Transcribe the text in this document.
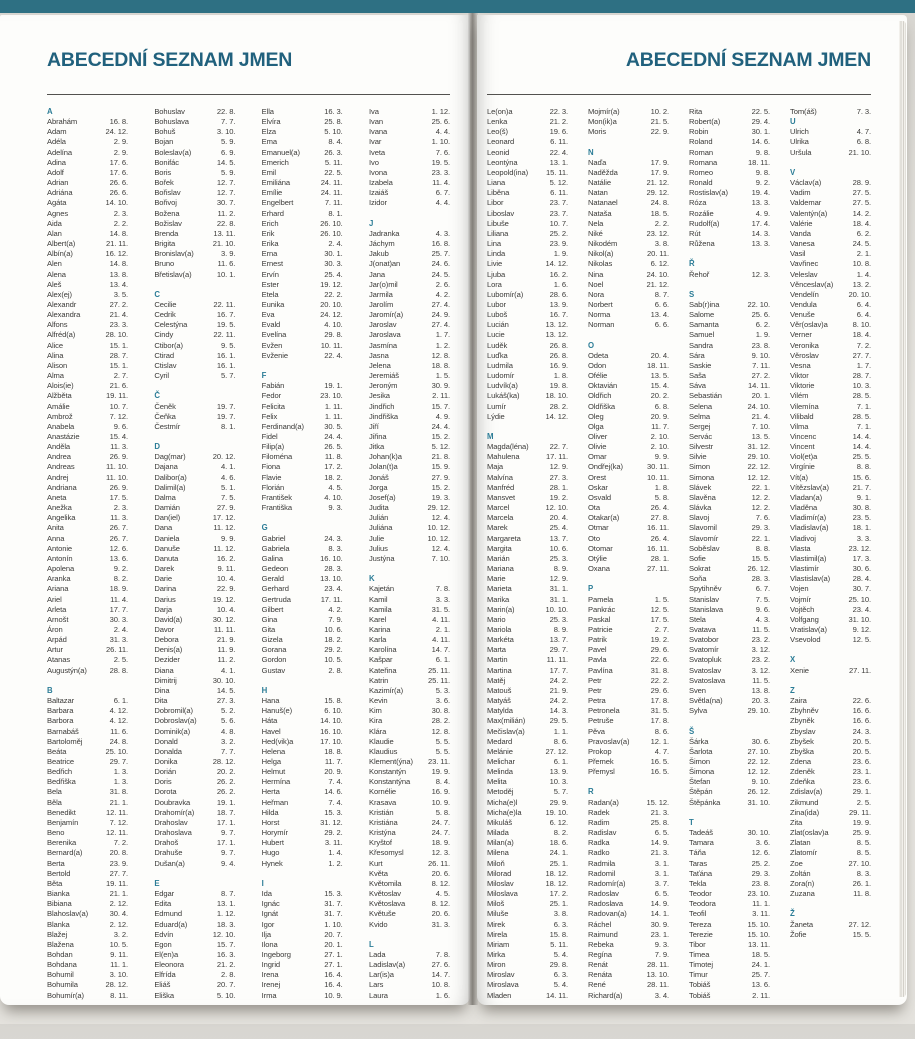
ABECEDNÍ SEZNAM JMEN
A
Abrahám	16. 8.
Adam	24. 12.
Adéla	2. 9.
Adelína	2. 9.
Adina	17. 6.
Adolf	17. 6.
Adrian	26. 6.
Adriána	26. 6.
Agáta	14. 10.
Agnes	2. 3.
Aida	2. 2.
Alan	14. 8.
Albert(a)	21. 11.
Albín(a)	16. 12.
Alen	14. 8.
Alena	13. 8.
Aleš	13. 4.
Alex(ej)	3. 5.
Alexandr	27. 2.
Alexandra	21. 4.
Alfons	23. 3.
Alfréd(a)	28. 10.
Alice	15. 1.
Alina	28. 7.
Alison	15. 1.
Alma	2. 7.
Alois(ie)	21. 6.
Alžběta	19. 11.
Amálie	10. 7.
Ambrož	7. 12.
Anabela	9. 6.
Anastázie	15. 4.
Anděla	11. 3.
Andrea	26. 9.
Andreas	11. 10.
Andrej	11. 10.
Andriana	26. 9.
Aneta	17. 5.
Anežka	2. 3.
Angelika	11. 3.
Anita	26. 7.
Anna	26. 7.
Antonie	12. 6.
Antonín	13. 6.
Apolena	9. 2.
Aranka	8. 2.
Ariana	18. 9.
Ariel	11. 4.
Arleta	17. 7.
Arnošt	30. 3.
Áron	2. 4.
Arpád	31. 3.
Artur	26. 11.
Atanas	2. 5.
Augustýn(a)	28. 8.
B
Baltazar	6. 1.
Barbara	4. 12.
Barbora	4. 12.
Barnabáš	11. 6.
Bartoloměj	24. 8.
Beáta	25. 10.
Beatrice	29. 7.
Bedřich	1. 3.
Bedřiška	1. 3.
Bela	31. 8.
Běla	21. 1.
Benedikt	12. 11.
Benjamín	7. 12.
Beno	12. 11.
Berenika	7. 2.
Bernard(a)	20. 8.
Berta	23. 9.
Bertold	27. 7.
Běta	19. 11.
Bianka	21. 1.
Bibiana	2. 12.
Blahoslav(a)	30. 4.
Blanka	2. 12.
Blažej	3. 2.
Blažena	10. 5.
Bohdan	9. 11.
Bohdana	11. 1.
Bohumil	3. 10.
Bohumila	28. 12.
Bohumír(a)	8. 11.
Bohuslav	22. 8.
Bohuslava	7. 7.
Bohuš	3. 10.
Bojan	5. 9.
Boleslav(a)	6. 9.
Bonifác	14. 5.
Boris	5. 9.
Bořek	12. 7.
Bořislav	12. 7.
Bořivoj	30. 7.
Božena	11. 2.
Božislav	22. 8.
Brenda	13. 11.
Brigita	21. 10.
Bronislav(a)	3. 9.
Bruno	11. 6.
Břetislav(a)	10. 1.
C
Cecilie	22. 11.
Cedrik	16. 7.
Celestýna	19. 5.
Cindy	22. 11.
Ctibor(a)	9. 5.
Ctirad	16. 1.
Ctislav	16. 1.
Cyril	5. 7.
Č
Čeněk	19. 7.
Čeňka	19. 7.
Čestmír	8. 1.
D
Dag(mar)	20. 12.
Dajana	4. 1.
Dalibor(a)	4. 6.
Dalimil(a)	5. 1.
Dalma	7. 5.
Damián	27. 9.
Dan(iel)	17. 12.
Dana	11. 12.
Daniela	9. 9.
Danuše	11. 12.
Danuta	16. 2.
Darek	9. 11.
Darie	10. 4.
Darina	22. 9.
Darius	19. 12.
Darja	10. 4.
David(a)	30. 12.
Davor	11. 11.
Debora	21. 9.
Denis(a)	11. 9.
Dezider	11. 2.
Diana	4. 1.
Dimitrij	30. 10.
Dina	14. 5.
Dita	27. 3.
Dobromil(a)	5. 2.
Dobroslav(a)	5. 6.
Dominik(a)	4. 8.
Donald	3. 2.
Donalda	7. 7.
Donika	28. 12.
Dorián	20. 2.
Doris	26. 2.
Dorota	26. 2.
Doubravka	19. 1.
Drahomír(a)	18. 7.
Drahoslav	17. 1.
Drahoslava	9. 7.
Drahoš	17. 1.
Drahuše	9. 7.
Dušan(a)	9. 4.
E
Edgar	8. 7.
Edita	13. 1.
Edmund	1. 12.
Eduard(a)	18. 3.
Edvín	12. 10.
Egon	15. 7.
El(en)a	16. 3.
Eleonora	21. 2.
Elfrída	2. 8.
Eliáš	20. 7.
Eliška	5. 10.
Ella	16. 3.
Elvíra	25. 8.
Elza	5. 10.
Ema	8. 4.
Emanuel(a)	26. 3.
Emerich	5. 11.
Emil	22. 5.
Emiliána	24. 11.
Emílie	24. 11.
Engelbert	7. 11.
Erhard	8. 1.
Erich	26. 10.
Erik	26. 10.
Erika	2. 4.
Erna	30. 1.
Ernest	30. 3.
Ervín	25. 4.
Ester	19. 12.
Etela	22. 2.
Eunika	20. 10.
Eva	24. 12.
Evald	4. 10.
Evelína	29. 8.
Evžen	10. 11.
Evženie	22. 4.
F
Fabián	19. 1.
Fedor	23. 10.
Felicita	1. 11.
Felix	1. 11.
Ferdinand(a)	30. 5.
Fidel	24. 4.
Filip(a)	26. 5.
Filoména	11. 8.
Fiona	17. 2.
Flavie	18. 2.
Florián	4. 5.
František	4. 10.
Františka	9. 3.
G
Gabriel	24. 3.
Gabriela	8. 3.
Galina	16. 10.
Gedeon	28. 3.
Gerald	13. 10.
Gerhard	23. 4.
Gertruda	17. 11.
Gilbert	4. 2.
Gina	7. 9.
Gita	10. 6.
Gizela	18. 2.
Gorana	29. 2.
Gordon	10. 5.
Gustav	2. 8.
H
Hana	15. 8.
Hanuš(e)	6. 10.
Háta	14. 10.
Havel	16. 10.
Hed(vik)a	17. 10.
Helena	18. 8.
Helga	11. 7.
Helmut	20. 9.
Hermína	7. 4.
Herta	14. 6.
Heřman	7. 4.
Hilda	15. 3.
Horst	31. 12.
Horymír	29. 2.
Hubert	3. 11.
Hugo	1. 4.
Hynek	1. 2.
I
Ida	15. 3.
Ignác	31. 7.
Ignát	31. 7.
Igor	1. 10.
Ilja	20. 7.
Ilona	20. 1.
Ingeborg	27. 1.
Ingrid	27. 1.
Irena	16. 4.
Irenej	16. 4.
Irma	10. 9.
Iva	1. 12.
Ivan	25. 6.
Ivana	4. 4.
Ivar	1. 10.
Iveta	7. 6.
Ivo	19. 5.
Ivona	23. 3.
Izabela	11. 4.
Izaiáš	6. 7.
Izidor	4. 4.
J
Jadranka	4. 3.
Jáchym	16. 8.
Jakub	25. 7.
J(onat)an	24. 6.
Jana	24. 5.
Jar(o)mil	2. 6.
Jarmila	4. 2.
Jarolím	27. 4.
Jaromír(a)	24. 9.
Jaroslav	27. 4.
Jaroslava	1. 7.
Jasmína	1. 2.
Jasna	12. 8.
Jelena	18. 8.
Jeremiáš	1. 5.
Jeroným	30. 9.
Jesika	2. 11.
Jindřich	15. 7.
Jindřiška	4. 9.
Jiří	24. 4.
Jiřina	15. 2.
Jitka	5. 12.
Johan(k)a	21. 8.
Jolan(t)a	15. 9.
Jonáš	27. 9.
Jorga	15. 2.
Josef(a)	19. 3.
Judita	29. 12.
Julián	12. 4.
Juliána	10. 12.
Julie	10. 12.
Julius	12. 4.
Justýna	7. 10.
K
Kajetán	7. 8.
Kamil	3. 3.
Kamila	31. 5.
Karel	4. 11.
Karina	2. 1.
Karla	4. 11.
Karolína	14. 7.
Kašpar	6. 1.
Kateřina	25. 11.
Katrin	25. 11.
Kazimír(a)	5. 3.
Kevin	3. 6.
Kim	30. 8.
Kira	28. 2.
Klára	12. 8.
Klaudie	5. 5.
Klaudius	5. 5.
Klement(ýna) 23. 11.
Konstantýn	19. 9.
Konstantýna	8. 4.
Kornélie	16. 9.
Krasava	10. 9.
Kristián	5. 8.
Kristiána	24. 7.
Kristýna	24. 7.
Kryštof	18. 9.
Křesomysl	12. 3.
Kurt	26. 11.
Květa	20. 6.
Květomila	8. 12.
Květoslav	4. 5.
Květoslava	8. 12.
Květuše	20. 6.
Kvido	31. 3.
L
Lada	7. 8.
Ladislav(a)	27. 6.
Lar(is)a	14. 7.
Lars	10. 8.
Laura	1. 6.
ABECEDNÍ SEZNAM JMEN
Le(on)a	22. 3.
Lenka	21. 2.
Leo(š)	19. 6.
Leonard	6. 11.
Leonid	22. 4.
Leontýna	13. 1.
Leopold(ina) 15. 11.
Liana	5. 12.
Liběna	6. 11.
Libor	23. 7.
Liboslav	23. 7.
Libuše	10. 7.
Liliana	25. 2.
Lina	23. 9.
Linda	1. 9.
Livie	14. 12.
Ljuba	16. 2.
Lora	1. 6.
Lubomír(a)	28. 6.
Lubor	13. 9.
Luboš	16. 7.
Lucián	13. 12.
Lucie	13. 12.
Luděk	26. 8.
Luďka	26. 8.
Ludmila	16. 9.
Ludomír	1. 8.
Ludvík(a)	19. 8.
Lukáš(ka)	18. 10.
Lumír	28. 2.
Lýdie	14. 12.
M
Magda(léna)	22. 7.
Mahulena	17. 11.
Maja	12. 9.
Malvína	27. 3.
Manfréd	28. 1.
Mansvet	19. 2.
Marcel	12. 10.
Marcela	20. 4.
Marek	25. 4.
Margareta	13. 7.
Margita	10. 6.
Marián	25. 3.
Mariana	8. 9.
Marie	12. 9.
Marieta	31. 1.
Marika	31. 1.
Marin(a)	10. 10.
Mario	25. 3.
Mariola	8. 9.
Markéta	13. 7.
Marta	29. 7.
Martin	11. 11.
Martina	17. 7.
Matěj	24. 2.
Matouš	21. 9.
Matyáš	24. 2.
Matylda	14. 3.
Max(milián)	29. 5.
Mečislav(a)	1. 1.
Medard	8. 6.
Melánie	27. 12.
Melichar	6. 1.
Melinda	13. 9.
Melita	10. 3.
Metoděj	5. 7.
Micha(e)l	29. 9.
Micha(e)la	19. 10.
Mikuláš	6. 12.
Milada	8. 2.
Milan(a)	18. 6.
Milena	24. 1.
Miloň	25. 1.
Milorad	18. 12.
Miloslav	18. 12.
Miloslava	17. 2.
Miloš	25. 1.
Miluše	3. 8.
Mirek	6. 3.
Mirela	15. 8.
Miriam	5. 11.
Mirka	5. 4.
Miron	29. 8.
Miroslav	6. 3.
Miroslava	5. 4.
Mladen	14. 11.
Mojmír(a)	10. 2.
Mon(ik)a	21. 5.
Moris	22. 9.
N
Naďa	17. 9.
Naděžda	17. 9.
Natálie	21. 12.
Natan	29. 12.
Natanael	24. 8.
Nataša	18. 5.
Nela	2. 2.
Niké	23. 12.
Nikodém	3. 8.
Nikol(a)	20. 11.
Nikolas	6. 12.
Nina	24. 10.
Noel	21. 12.
Nora	8. 7.
Norbert	6. 6.
Norma	13. 4.
Norman	6. 6.
O
Odeta	20. 4.
Odon	18. 11.
Ofélie	13. 5.
Oktavián	15. 4.
Oldřich	20. 2.
Oldřiška	6. 8.
Oleg	20. 9.
Olga	11. 7.
Oliver	2. 10.
Olivie	2. 10.
Omar	9. 9.
Ondřej(ka)	30. 11.
Orest	10. 11.
Oskar	1. 8.
Osvald	5. 8.
Ota	26. 4.
Otakar(a)	27. 8.
Otmar	16. 11.
Oto	26. 4.
Otomar	16. 11.
Otýlie	28. 1.
Oxana	27. 11.
P
Pamela	1. 5.
Pankrác	12. 5.
Paskal	17. 5.
Patricie	2. 7.
Patrik	19. 2.
Pavel	29. 6.
Pavla	22. 6.
Pavlína	31. 8.
Petr	22. 2.
Petr	29. 6.
Petra	17. 8.
Petronela	31. 5.
Petruše	17. 8.
Pěva	8. 6.
Pravoslav(a)	12. 1.
Prokop	4. 7.
Přemek	16. 5.
Přemysl	16. 5.
R
Radan(a)	15. 12.
Radek	21. 3.
Radim	25. 8.
Radislav	6. 5.
Radka	14. 9.
Radko	21. 3.
Radmila	3. 1.
Radomil	3. 1.
Radomír(a)	3. 7.
Radoslav	6. 5.
Radoslava	14. 9.
Radovan(a)	14. 1.
Ráchel	30. 9.
Raimund	23. 1.
Rebeka	9. 3.
Regína	7. 9.
Renát	28. 11.
Renáta	13. 10.
René	28. 11.
Richard(a)	3. 4.
Rita	22. 5.
Robert(a)	29. 4.
Robin	30. 1.
Roland	14. 6.
Roman	9. 8.
Romana	18. 11.
Romeo	9. 8.
Ronald	9. 2.
Rostislav(a)	19. 4.
Róza	13. 3.
Rozálie	4. 9.
Rudolf(a)	17. 4.
Rút	14. 3.
Růžena	13. 3.
Ř
Řehoř	12. 3.
S
Sab(r)ina	22. 10.
Salome	25. 6.
Samanta	6. 2.
Samuel	1. 9.
Sandra	23. 8.
Sára	9. 10.
Saskie	7. 11.
Saša	27. 2.
Sáva	14. 11.
Sebastián	20. 1.
Selena	24. 10.
Selma	21. 4.
Sergej	7. 10.
Servác	13. 5.
Silvestr	31. 12.
Silvie	29. 10.
Simon	22. 12.
Simona	12. 12.
Slávek	22. 1.
Slavěna	12. 2.
Slávka	12. 2.
Slavoj	7. 6.
Slavomil	29. 3.
Slavomír	22. 1.
Soběslav	8. 8.
Sofie	15. 5.
Sokrat	26. 12.
Soňa	28. 3.
Spytihněv	6. 7.
Stanislav	7. 5.
Stanislava	9. 6.
Stela	4. 3.
Svatava	11. 5.
Svatobor	23. 2.
Svatomír	3. 12.
Svatopluk	23. 2.
Svatoslav	3. 12.
Svatoslava	11. 5.
Sven	13. 8.
Světla(na)	20. 3.
Sylva	29. 10.
Š
Šárka	30. 6.
Šarlota	27. 10.
Šimon	22. 12.
Šimona	12. 12.
Štefan	9. 10.
Štěpán	26. 12.
Štěpánka	31. 10.
T
Tadeáš	30. 10.
Tamara	3. 6.
Táňa	12. 6.
Taras	25. 2.
Taťána	29. 3.
Tekla	23. 8.
Teodor	23. 10.
Teodora	11. 1.
Teofil	3. 11.
Tereza	15. 10.
Terezie	15. 10.
Tibor	13. 11.
Timea	18. 5.
Timotej	24. 1.
Timur	25. 7.
Tobiáš	13. 6.
Tobiáš	2. 11.
Tom(áš)	7. 3.
U
Ulrich	4. 7.
Ulrika	6. 8.
Uršula	21. 10.
V
Václav(a)	28. 9.
Vadim	27. 5.
Valdemar	27. 5.
Valentýn(a)	14. 2.
Valérie	18. 4.
Vanda	6. 2.
Vanesa	24. 5.
Vasil	2. 1.
Vavřinec	10. 8.
Veleslav	1. 4.
Věnceslav(a)	13. 2.
Vendelín	20. 10.
Vendula	6. 4.
Venuše	6. 4.
Věr(oslav)a	8. 10.
Verner	18. 4.
Veronika	7. 2.
Věroslav	27. 7.
Vesna	1. 7.
Viktor	28. 7.
Viktorie	10. 3.
Vilém	28. 5.
Vilemína	7. 1.
Vilibald	28. 5.
Vilma	7. 1.
Vincenc	14. 4.
Vincent	14. 4.
Viol(et)a	25. 5.
Virgínie	8. 8.
Vít(a)	15. 6.
Vítězslav(a)	21. 7.
Vladan(a)	9. 1.
Vladěna	30. 8.
Vladimír(a)	23. 5.
Vladislav(a)	18. 1.
Vladivoj	3. 3.
Vlasta	23. 12.
Vlastimil(a)	17. 3.
Vlastimír	30. 6.
Vlastislav(a)	28. 4.
Vojen	30. 7.
Vojmír	25. 10.
Vojtěch	23. 4.
Volfgang	31. 10.
Vratislav(a)	9. 12.
Vsevolod	12. 5.
X
Xenie	27. 11.
Z
Zaira	22. 6.
Zbyhněv	16. 6.
Zbyněk	16. 6.
Zbyslav	24. 3.
Zbyšek	20. 5.
Zbyška	20. 5.
Zdena	23. 6.
Zdeněk	23. 1.
Zdeňka	23. 6.
Zdislav(a)	29. 1.
Zikmund	2. 5.
Zina(ida)	29. 11.
Zita	19. 9.
Zlat(oslav)a	25. 9.
Zlatan	8. 5.
Zlatomír	8. 5.
Zoe	27. 10.
Zoltán	8. 3.
Zora(n)	26. 1.
Zuzana	11. 8.
Ž
Žaneta	27. 12.
Žofie	15. 5.
